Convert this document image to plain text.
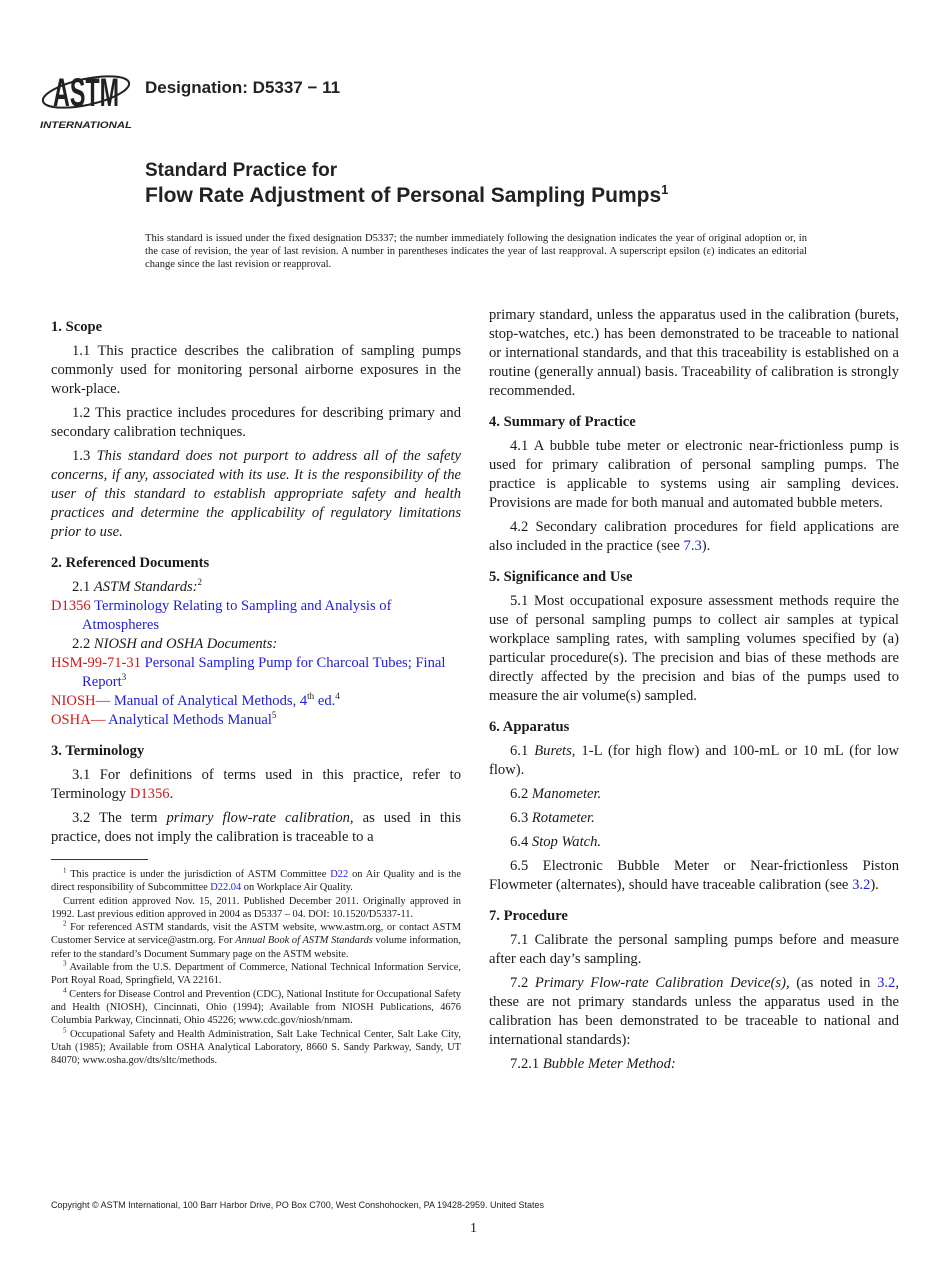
ASTM
INTERNATIONAL
Designation: D5337 − 11
Standard Practice for
Flow Rate Adjustment of Personal Sampling Pumps$^1$
This standard is issued under the fixed designation D5337; the number immediately following the designation indicates the year of original adoption or, in the case of revision, the year of last revision. A number in parentheses indicates the year of last reapproval. A superscript epsilon (ε) indicates an editorial change since the last revision or reapproval.
1. Scope
1.1 This practice describes the calibration of sampling pumps commonly used for monitoring personal airborne exposures in the work-place.
1.2 This practice includes procedures for describing primary and secondary calibration techniques.
1.3 This standard does not purport to address all of the safety concerns, if any, associated with its use. It is the responsibility of the user of this standard to establish appropriate safety and health practices and determine the applicability of regulatory limitations prior to use.
2. Referenced Documents
2.1 ASTM Standards:$^2$
D1356 Terminology Relating to Sampling and Analysis of Atmospheres
2.2 NIOSH and OSHA Documents:
HSM-99-71-31 Personal Sampling Pump for Charcoal Tubes; Final Report$^3$
NIOSH— Manual of Analytical Methods, 4th ed.$^4$
OSHA— Analytical Methods Manual$^5$
3. Terminology
3.1 For definitions of terms used in this practice, refer to Terminology D1356.
3.2 The term primary flow-rate calibration, as used in this practice, does not imply the calibration is traceable to a
primary standard, unless the apparatus used in the calibration (burets, stop-watches, etc.) has been demonstrated to be traceable to national or international standards, and that this traceability is established on a routine (generally annual) basis. Traceability of calibration is strongly recommended.
4. Summary of Practice
4.1 A bubble tube meter or electronic near-frictionless pump is used for primary calibration of personal sampling pumps. The practice is applicable to systems using air sampling devices. Provisions are made for both manual and automated bubble meters.
4.2 Secondary calibration procedures for field applications are also included in the practice (see 7.3).
5. Significance and Use
5.1 Most occupational exposure assessment methods require the use of personal sampling pumps to collect air samples at typical workplace sampling rates, with sampling volumes specified by (a) particular procedure(s). The precision and bias of these methods are directly affected by the precision and bias of the pumps used to measure the air volume(s) sampled.
6. Apparatus
6.1 Burets, 1-L (for high flow) and 100-mL or 10 mL (for low flow).
6.2 Manometer.
6.3 Rotameter.
6.4 Stop Watch.
6.5 Electronic Bubble Meter or Near-frictionless Piston Flowmeter (alternates), should have traceable calibration (see 3.2).
7. Procedure
7.1 Calibrate the personal sampling pumps before and measure after each day’s sampling.
7.2 Primary Flow-rate Calibration Device(s), (as noted in 3.2, these are not primary standards unless the apparatus used in the calibration has been demonstrated to be traceable to national and international standards):
7.2.1 Bubble Meter Method:
$^1$ This practice is under the jurisdiction of ASTM Committee D22 on Air Quality and is the direct responsibility of Subcommittee D22.04 on Workplace Air Quality.
Current edition approved Nov. 15, 2011. Published December 2011. Originally approved in 1992. Last previous edition approved in 2004 as D5337 – 04. DOI: 10.1520/D5337-11.
$^2$ For referenced ASTM standards, visit the ASTM website, www.astm.org, or contact ASTM Customer Service at service@astm.org. For Annual Book of ASTM Standards volume information, refer to the standard’s Document Summary page on the ASTM website.
$^3$ Available from the U.S. Department of Commerce, National Technical Information Service, Port Royal Road, Springfield, VA 22161.
$^4$ Centers for Disease Control and Prevention (CDC), National Institute for Occupational Safety and Health (NIOSH), Cincinnati, Ohio (1994); Available from NIOSH Publications, 4676 Columbia Parkway, Cincinnati, Ohio 45226; www.cdc.gov/niosh/nmam.
$^5$ Occupational Safety and Health Administration, Salt Lake Technical Center, Salt Lake City, Utah (1985); Available from OSHA Analytical Laboratory, 8660 S. Sandy Parkway, Sandy, UT 84070; www.osha.gov/dts/sltc/methods.
Copyright © ASTM International, 100 Barr Harbor Drive, PO Box C700, West Conshohocken, PA 19428-2959. United States
1
